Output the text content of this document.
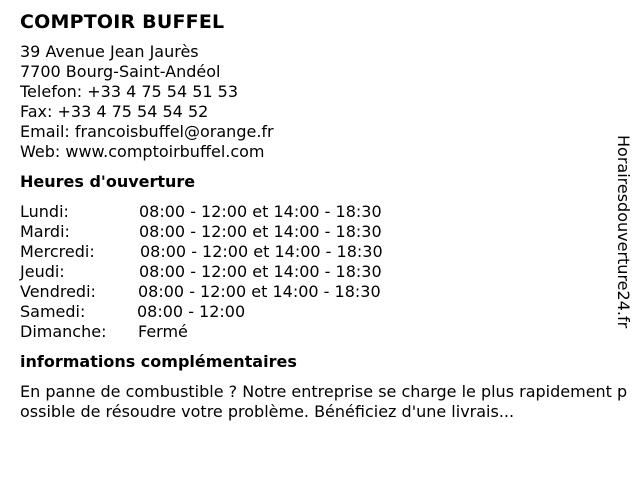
COMPTOIR BUFFEL
39 Avenue Jean Jaurès
7700 Bourg-Saint-Andéol
Telefon: +33 4 75 54 51 53
Fax: +33 4 75 54 54 52
Email: francoisbuffel@orange.fr
Web: www.comptoirbuffel.com
Heures d'ouverture
Lundi:	08:00 - 12:00 et 14:00 - 18:30
Mardi:	08:00 - 12:00 et 14:00 - 18:30
Mercredi:	08:00 - 12:00 et 14:00 - 18:30
Jeudi:	08:00 - 12:00 et 14:00 - 18:30
Vendredi:	08:00 - 12:00 et 14:00 - 18:30
Samedi:	08:00 - 12:00
Dimanche: Fermé
informations complémentaires

En panne de combustible ? Notre entreprise se charge le plus rapidement possible de résoudre votre problème. Bénéficiez d'une livrais...

Horairesdouverture24.fr
